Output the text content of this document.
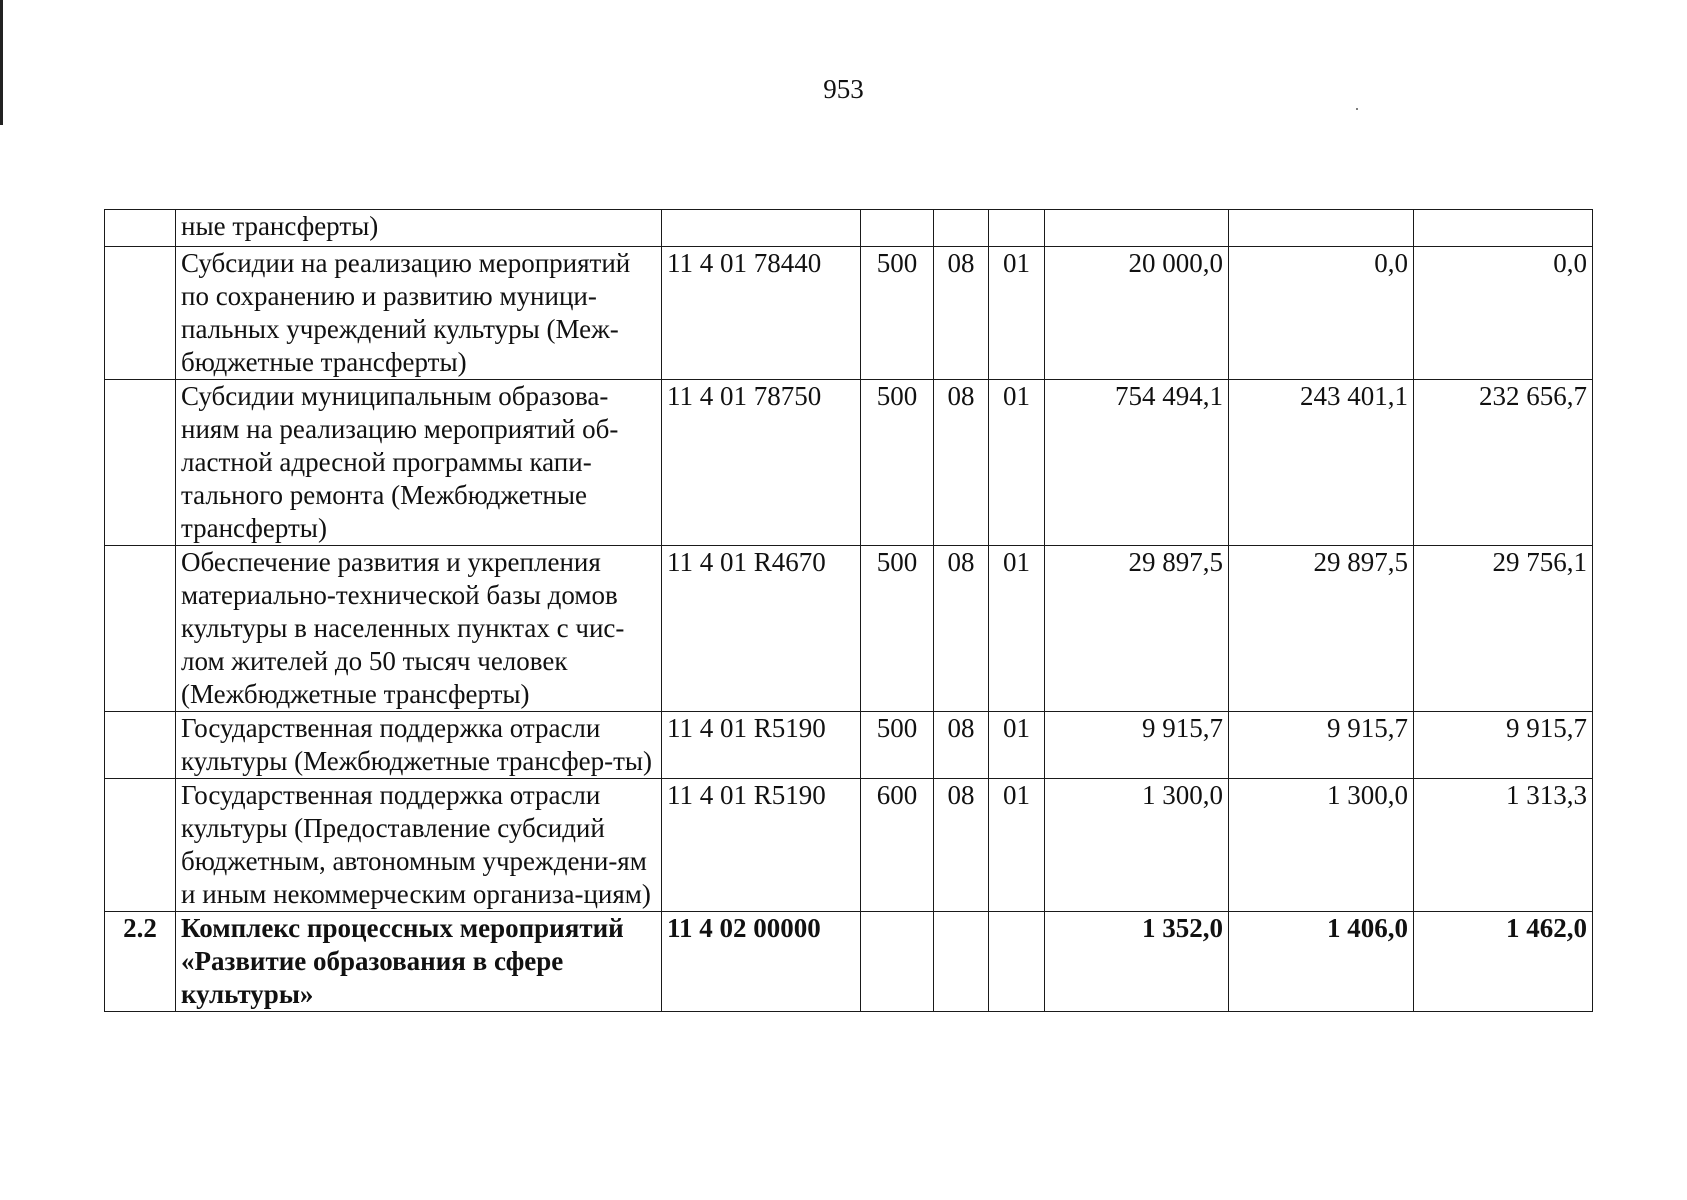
953
	ные трансферты)							
	Субсидии на реализацию мероприятий по сохранению и развитию муници-пальных учреждений культуры (Меж-бюджетные трансферты)	11 4 01 78440	500	08	01	20 000,0	0,0	0,0
	Субсидии муниципальным образова-ниям на реализацию мероприятий об-ластной адресной программы капи-тального ремонта (Межбюджетные трансферты)	11 4 01 78750	500	08	01	754 494,1	243 401,1	232 656,7
	Обеспечение развития и укрепления материально-технической базы домов культуры в населенных пунктах с чис-лом жителей до 50 тысяч человек (Межбюджетные трансферты)	11 4 01 R4670	500	08	01	29 897,5	29 897,5	29 756,1
	Государственная поддержка отрасли культуры (Межбюджетные трансфер-ты)	11 4 01 R5190	500	08	01	9 915,7	9 915,7	9 915,7
	Государственная поддержка отрасли культуры (Предоставление субсидий бюджетным, автономным учреждени-ям и иным некоммерческим организа-циям)	11 4 01 R5190	600	08	01	1 300,0	1 300,0	1 313,3
2.2	Комплекс процессных мероприятий «Развитие образования в сфере культуры»	11 4 02 00000				1 352,0	1 406,0	1 462,0
